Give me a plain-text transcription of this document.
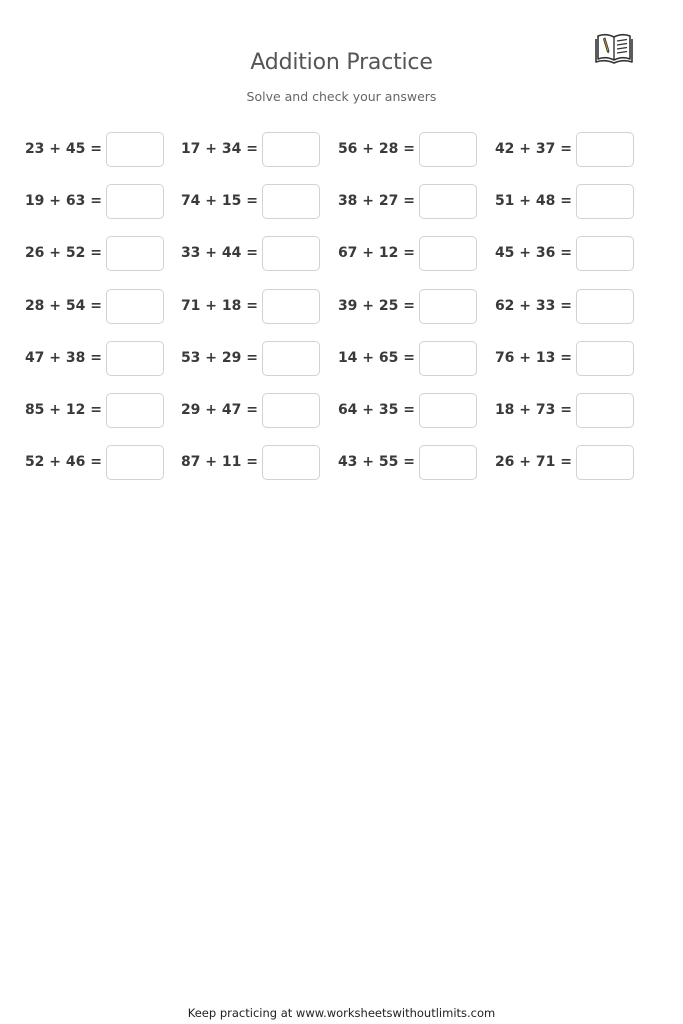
Addition Practice

Solve and check your answers

23 + 45 =	17 + 34 =	56 + 28 =	42 + 37 =
19 + 63 =	74 + 15 =	38 + 27 =	51 + 48 =
26 + 52 =	33 + 44 =	67 + 12 =	45 + 36 =
28 + 54 =	71 + 18 =	39 + 25 =	62 + 33 =
47 + 38 =	53 + 29 =	14 + 65 =	76 + 13 =
85 + 12 =	29 + 47 =	64 + 35 =	18 + 73 =
52 + 46 =	87 + 11 =	43 + 55 =	26 + 71 =

Keep practicing at www.worksheetswithoutlimits.com
